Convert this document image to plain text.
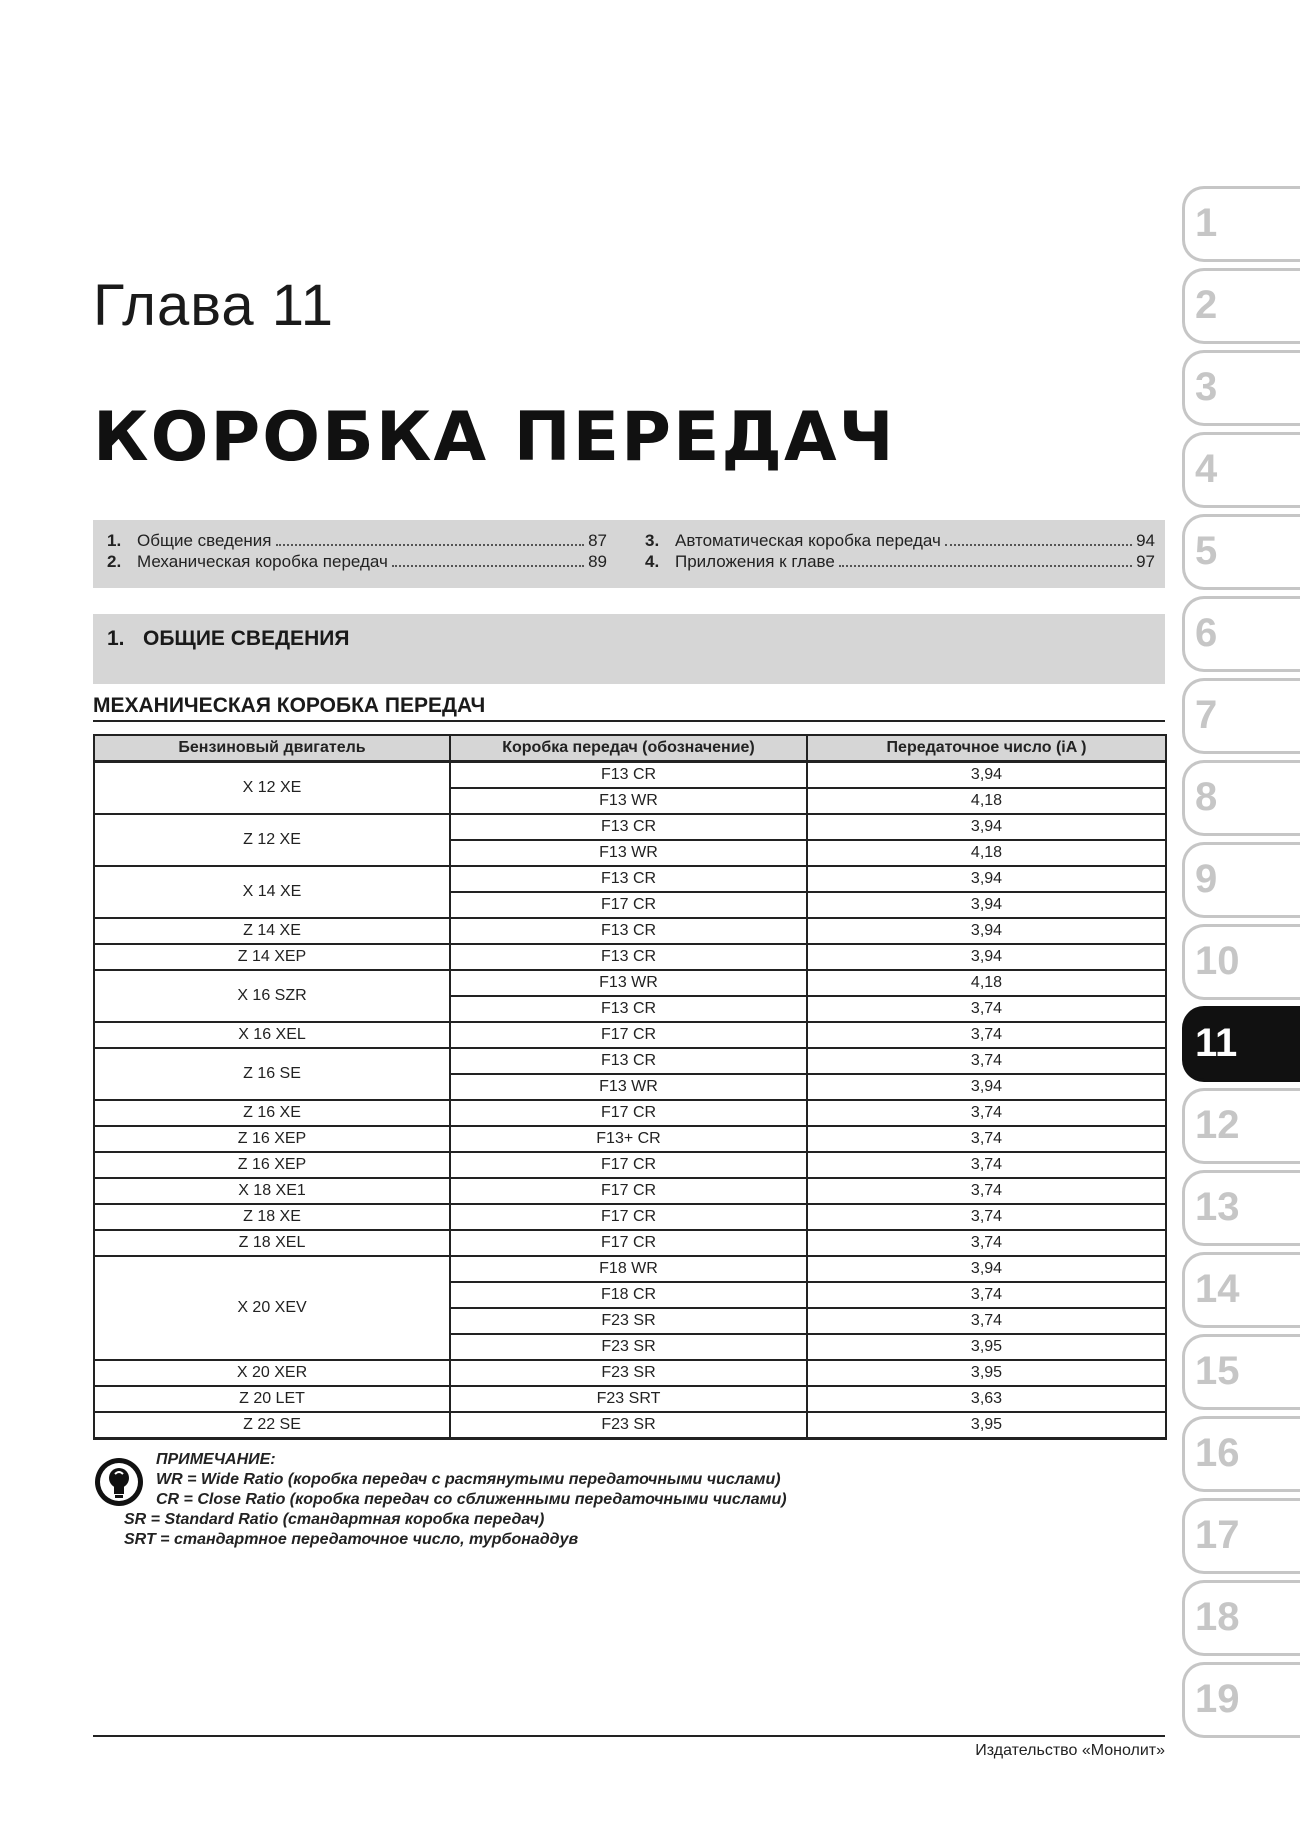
Глава 11
КОРОБКА ПЕРЕДАЧ
1. Общие сведения	87
2. Механическая коробка передач	89
3. Автоматическая коробка передач	94
4. Приложения к главе	97
1. ОБЩИЕ СВЕДЕНИЯ
МЕХАНИЧЕСКАЯ КОРОБКА ПЕРЕДАЧ
Бензиновый двигатель	Коробка передач (обозначение)	Передаточное число (iA )
X 12 XE	F13 CR	3,94
	F13 WR	4,18
Z 12 XE	F13 CR	3,94
	F13 WR	4,18
X 14 XE	F13 CR	3,94
	F17 CR	3,94
Z 14 XE	F13 CR	3,94
Z 14 XEP	F13 CR	3,94
X 16 SZR	F13 WR	4,18
	F13 CR	3,74
X 16 XEL	F17 CR	3,74
Z 16 SE	F13 CR	3,74
	F13 WR	3,94
Z 16 XE	F17 CR	3,74
Z 16 XEP	F13+ CR	3,74
Z 16 XEP	F17 CR	3,74
X 18 XE1	F17 CR	3,74
Z 18 XE	F17 CR	3,74
Z 18 XEL	F17 CR	3,74
X 20 XEV	F18 WR	3,94
	F18 CR	3,74
	F23 SR	3,74
	F23 SR	3,95
X 20 XER	F23 SR	3,95
Z 20 LET	F23 SRT	3,63
Z 22 SE	F23 SR	3,95
ПРИМЕЧАНИЕ:
WR = Wide Ratio (коробка передач с растянутыми передаточными числами)
CR = Close Ratio (коробка передач со сближенными передаточными числами)
SR = Standard Ratio (стандартная коробка передач)
SRT = стандартное передаточное число, турбонаддув
Издательство «Монолит»
1
2
3
4
5
6
7
8
9
10
11
12
13
14
15
16
17
18
19
